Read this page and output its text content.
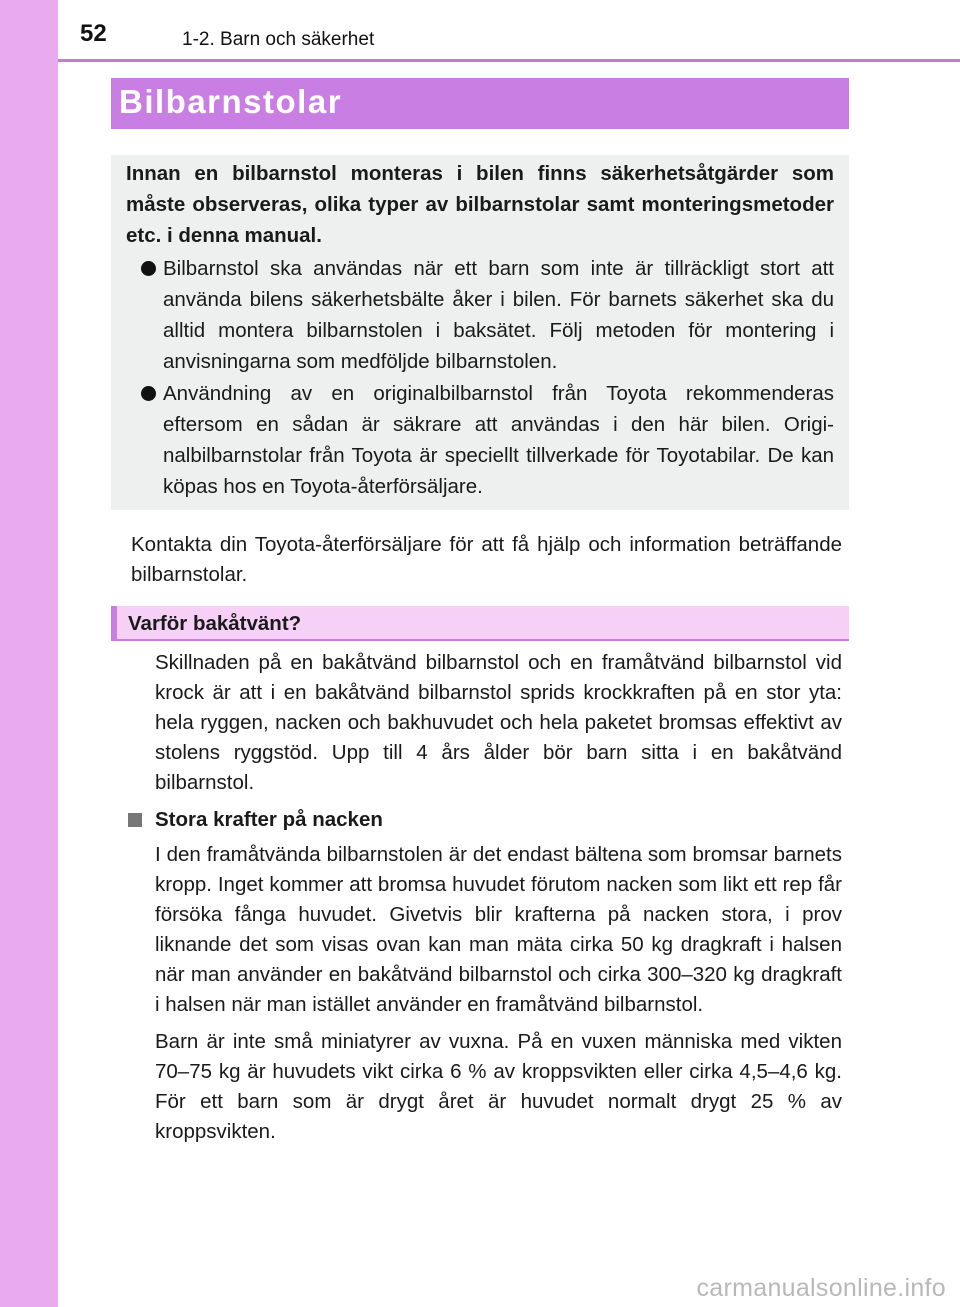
52	1-2. Barn och säkerhet
Bilbarnstolar

Innan en bilbarnstol monteras i bilen finns säkerhetsåtgärder som måste observeras, olika typer av bilbarnstolar samt monteringsmetoder etc. i denna manual.

Bilbarnstol ska användas när ett barn som inte är tillräckligt stort att använda bilens säkerhetsbälte åker i bilen. För barnets säkerhet ska du alltid montera bilbarnstolen i baksätet. Följ metoden för montering i anvisningarna som medföljde bilbarnstolen.
Användning av en originalbilbarnstol från Toyota rekommenderas eftersom en sådan är säkrare att användas i den här bilen. Originalbilbarnstolar från Toyota är speciellt tillverkade för Toyotabilar. De kan köpas hos en Toyota-återförsäljare.

Kontakta din Toyota-återförsäljare för att få hjälp och information beträffande bilbarnstolar.

Varför bakåtvänt?

Skillnaden på en bakåtvänd bilbarnstol och en framåtvänd bilbarnstol vid krock är att i en bakåtvänd bilbarnstol sprids krockkraften på en stor yta: hela ryggen, nacken och bakhuvudet och hela paketet bromsas effektivt av stolens ryggstöd. Upp till 4 års ålder bör barn sitta i en bakåtvänd bilbarnstol.

Stora krafter på nacken

I den framåtvända bilbarnstolen är det endast bältena som bromsar barnets kropp. Inget kommer att bromsa huvudet förutom nacken som likt ett rep får försöka fånga huvudet. Givetvis blir krafterna på nacken stora, i prov liknande det som visas ovan kan man mäta cirka 50 kg dragkraft i halsen när man använder en bakåtvänd bilbarnstol och cirka 300–320 kg dragkraft i halsen när man istället använder en framåtvänd bilbarnstol.

Barn är inte små miniatyrer av vuxna. På en vuxen människa med vikten 70–75 kg är huvudets vikt cirka 6 % av kroppsvikten eller cirka 4,5–4,6 kg. För ett barn som är drygt året är huvudet normalt drygt 25 % av kroppsvikten.

carmanualsonline.info
